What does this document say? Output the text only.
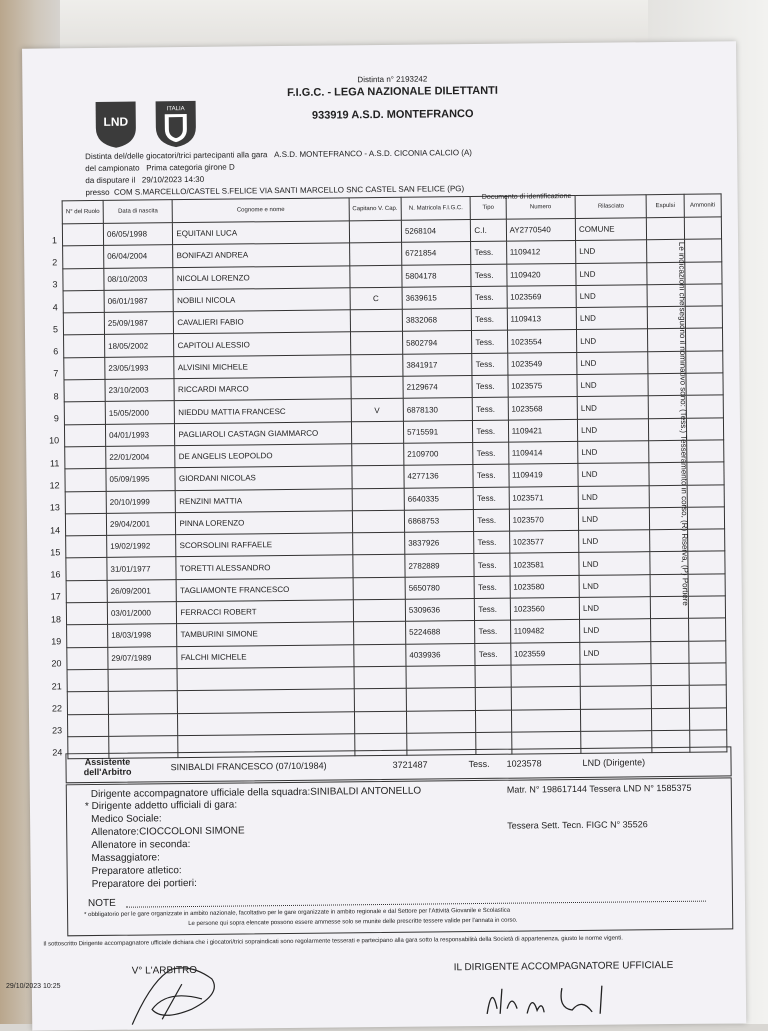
LND
ITALIA
Distinta n° 2193242
F.I.G.C. - LEGA NAZIONALE DILETTANTI
933919 A.S.D. MONTEFRANCO
Distinta del/delle giocatori/trici partecipanti alla gara A.S.D. MONTEFRANCO - A.S.D. CICONIA CALCIO (A)
del campionato Prima categoria girone D
da disputare il 29/10/2023 14:30
presso COM S.MARCELLO/CASTEL S.FELICE VIA SANTI MARCELLO SNC CASTEL SAN FELICE (PG)
N° del Ruolo	Data di nascita	Cognome e nome	Capitano V. Cap.	N. Matricola F.I.G.C.	Tipo	Numero	Rilasciato	Espulsi	Ammoniti

1	06/05/1998	EQUITANI LUCA		5268104	C.I.	AY2770540	COMUNE		

2	06/04/2004	BONIFAZI ANDREA		6721854	Tess.	1109412	LND		

3	08/10/2003	NICOLAI LORENZO		5804178	Tess.	1109420	LND		

4	06/01/1987	NOBILI NICOLA	C	3639615	Tess.	1023569	LND		

5	25/09/1987	CAVALIERI FABIO		3832068	Tess.	1109413	LND		

6	18/05/2002	CAPITOLI ALESSIO		5802794	Tess.	1023554	LND		

7	23/05/1993	ALVISINI MICHELE		3841917	Tess.	1023549	LND		

8	23/10/2003	RICCARDI MARCO		2129674	Tess.	1023575	LND		

9	15/05/2000	NIEDDU MATTIA FRANCESC	V	6878130	Tess.	1023568	LND		

10	04/01/1993	PAGLIAROLI CASTAGN GIAMMARCO		5715591	Tess.	1109421	LND		

11	22/01/2004	DE ANGELIS LEOPOLDO		2109700	Tess.	1109414	LND		

12	05/09/1995	GIORDANI NICOLAS		4277136	Tess.	1109419	LND		

13	20/10/1999	RENZINI MATTIA		6640335	Tess.	1023571	LND		

14	29/04/2001	PINNA LORENZO		6868753	Tess.	1023570	LND		

15	19/02/1992	SCORSOLINI RAFFAELE		3837926	Tess.	1023577	LND		

16	31/01/1977	TORETTI ALESSANDRO		2782889	Tess.	1023581	LND		

17	26/09/2001	TAGLIAMONTE FRANCESCO		5650780	Tess.	1023580	LND		

18	03/01/2000	FERRACCI ROBERT		5309636	Tess.	1023560	LND		

19	18/03/1998	TAMBURINI SIMONE		5224688	Tess.	1109482	LND		

20	29/07/1989	FALCHI MICHELE		4039936	Tess.	1023559	LND		

21									

22									

23									

24									

Documento di identificazione
Assistente dell'Arbitro	SINIBALDI FRANCESCO (07/10/1984)	3721487	Tess. 1023578	LND (Dirigente)
Dirigente accompagnatore ufficiale della squadra:SINIBALDI ANTONELLO	Matr. N° 198617144 Tessera LND N° 1585375
* Dirigente addetto ufficiali di gara:
Medico Sociale:
Allenatore:CIOCCOLONI SIMONE
Tessera Sett. Tecn. FIGC N° 35526
Allenatore in seconda:
Massaggiatore:
Preparatore atletico:
Preparatore dei portieri:
NOTE
* obbligatorio per le gare organizzate in ambito nazionale, facoltativo per le gare organizzate in ambito regionale e dal Settore per l'Attività Giovanile e Scolastica
Le persone qui sopra elencate possono essere ammesse solo se munite delle prescritte tessere valide per l'annata in corso.
Il sottoscritto Dirigente accompagnatore ufficiale dichiara che i giocatori/trici sopraindicati sono regolarmente tesserati e partecipano alla gara sotto la responsabilità della Società di appartenenza, giusto le norme vigenti.
V° L'ARBITRO	IL DIRIGENTE ACCOMPAGNATORE UFFICIALE
Le indicazioni che seguono il nominativo sono: (Tess.) Tesseramento in corso, (R) Riserva, (P) Portiere
29/10/2023 10:25
